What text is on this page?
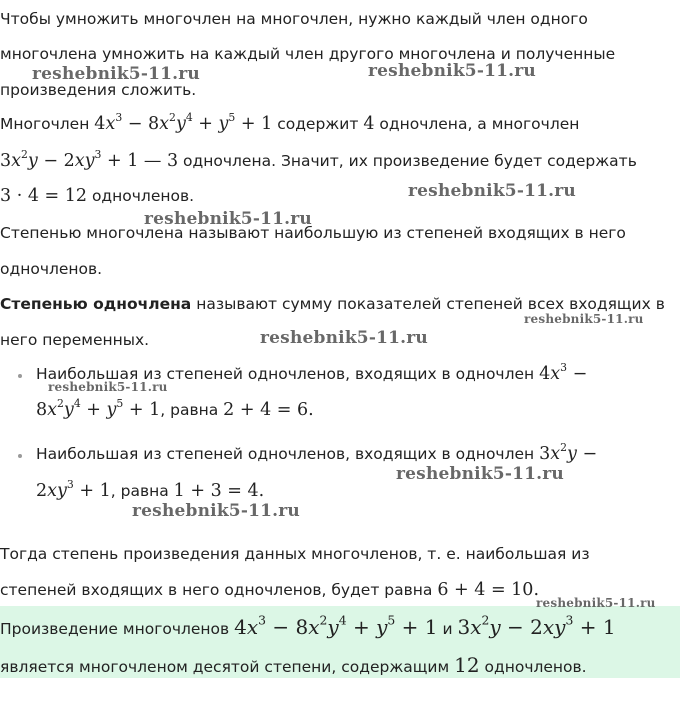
Чтобы умножить многочлен на многочлен, нужно каждый член одного
многочлена умножить на каждый член другого многочлена и полученные
произведения сложить.
Многочлен $4x^3 - 8x^2y^4 + y^5 + 1$ содержит 4 одночлена, а многочлен
$3x^2y - 2xy^3 + 1$ — 3 одночлена. Значит, их произведение будет содержать
3 · 4 = 12 одночленов.
Степенью многочлена называют наибольшую из степеней входящих в него
одночленов.
Степенью одночлена называют сумму показателей степеней всех входящих в
него переменных.
Наибольшая из степеней одночленов, входящих в одночлен $4x^3$ −
$8x^2y^4 + y^5 + 1$, равна 2 + 4 = 6.
Наибольшая из степеней одночленов, входящих в одночлен $3x^2y$ −
$2xy^3 + 1$, равна 1 + 3 = 4.
Тогда степень произведения данных многочленов, т. е. наибольшая из
степеней входящих в него одночленов, будет равна 6 + 4 = 10.
Произведение многочленов $4x^3 - 8x^2y^4 + y^5 + 1$ и $3x^2y - 2xy^3 + 1$
является многочленом десятой степени, содержащим 12 одночленов.
reshebnik5-11.ru	reshebnik5-11.ru
reshebnik5-11.ru
reshebnik5-11.ru
reshebnik5-11.ru
reshebnik5-11.ru
reshebnik5-11.ru
reshebnik5-11.ru
reshebnik5-11.ru
reshebnik5-11.ru
